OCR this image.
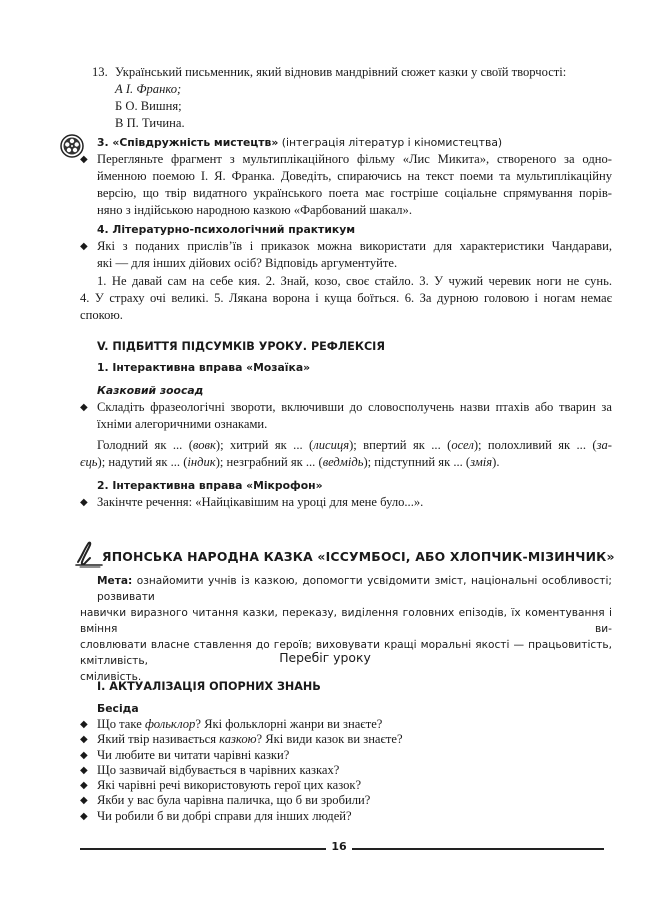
13. Український письменник, який відновив мандрівний сюжет казки у своїй творчості:
А І. Франко;
Б О. Вишня;
В П. Тичина.
3. «Співдружність мистецтв» (інтеграція літератур і кіномистецтва)
◆ Перегляньте фрагмент з мультиплікаційного фільму «Лис Микита», створеного за одно-
йменною поемою І. Я. Франка. Доведіть, спираючись на текст поеми та мультиплікаційну
версію, що твір видатного українського поета має гостріше соціальне спрямування порів-
няно з індійською народною казкою «Фарбований шакал».
4. Літературно-психологічний практикум
◆ Які з поданих прислів’їв і приказок можна використати для характеристики Чандарави,
які — для інших дійових осіб? Відповідь аргументуйте.
1. Не давай сам на себе кия. 2. Знай, козо, своє стайло. 3. У чужий черевик ноги не сунь.
4. У страху очі великі. 5. Лякана ворона і куща боїться. 6. За дурною головою і ногам немає
спокою.
V. ПІДБИТТЯ ПІДСУМКІВ УРОКУ. РЕФЛЕКСІЯ
1. Інтерактивна вправа «Мозаїка»
Казковий зоосад
◆ Складіть фразеологічні звороти, включивши до словосполучень назви птахів або тварин за
їхніми алегоричними ознаками.
Голодний як ... (вовк); хитрий як ... (лисиця); впертий як ... (осел); полохливий як ... (за-
єць); надутий як ... (індик); незграбний як ... (ведмідь); підступний як ... (змія).
2. Інтерактивна вправа «Мікрофон»
◆ Закінчте речення: «Найцікавішим на уроці для мене було...».
ЯПОНСЬКА НАРОДНА КАЗКА «ІССУМБОСІ, АБО ХЛОПЧИК-МІЗИНЧИК»
Мета: ознайомити учнів із казкою, допомогти усвідомити зміст, національні особливості; розвивати
навички виразного читання казки, переказу, виділення головних епізодів, їх коментування і вміння ви-
словлювати власне ставлення до героїв; виховувати кращі моральні якості — працьовитість, кмітливість,
сміливість.
Перебіг уроку
І. АКТУАЛІЗАЦІЯ ОПОРНИХ ЗНАНЬ
Бесіда
◆ Що таке фольклор? Які фольклорні жанри ви знаєте?
◆ Який твір називається казкою? Які види казок ви знаєте?
◆ Чи любите ви читати чарівні казки?
◆ Що зазвичай відбувається в чарівних казках?
◆ Які чарівні речі використовують герої цих казок?
◆ Якби у вас була чарівна паличка, що б ви зробили?
◆ Чи робили б ви добрі справи для інших людей?
16
